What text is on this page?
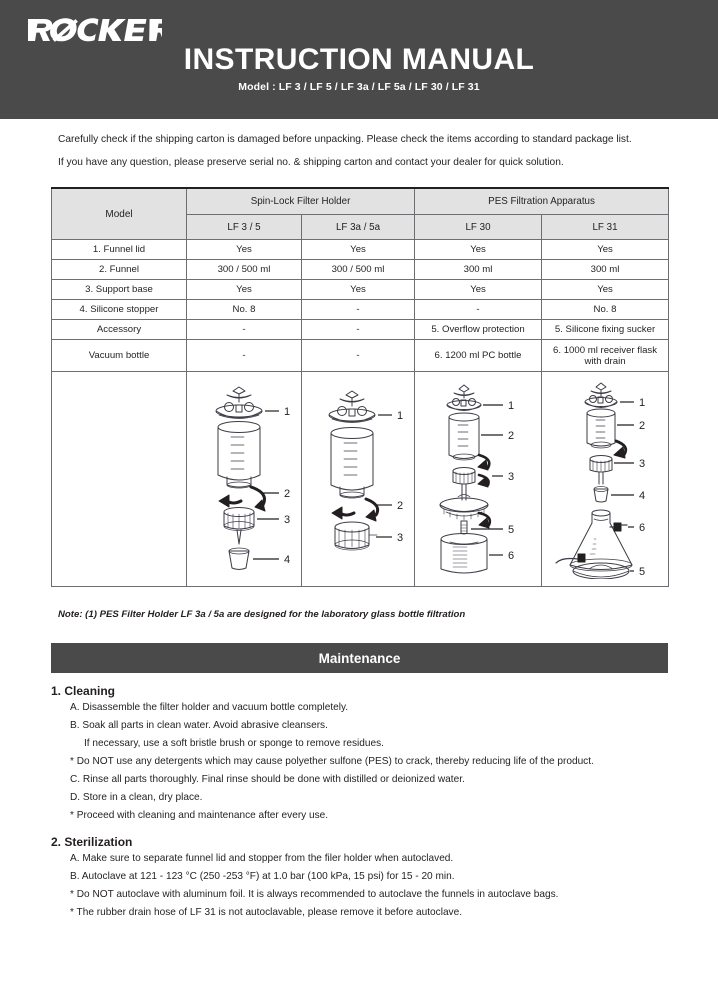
INSTRUCTION MANUAL
Model : LF 3 / LF 5 / LF 3a / LF 5a / LF 30 / LF 31

Carefully check if the shipping carton is damaged before unpacking. Please check the items according to standard package list.

If you have any question, please preserve serial no. & shipping carton and contact your dealer for quick solution.

Model	Spin-Lock Filter Holder		PES Filtration Apparatus	
	LF 3 / 5	LF 3a / 5a	LF 30	LF 31
1. Funnel lid	Yes	Yes	Yes	Yes
2. Funnel	300 / 500 ml	300 / 500 ml	300 ml	300 ml
3. Support base	Yes	Yes	Yes	Yes
4. Silicone stopper	No. 8	-	-	No. 8
Accessory	-	-	5. Overflow protection	5. Silicone fixing sucker
Vacuum bottle	-	-	6. 1200 ml PC bottle	6. 1000 ml receiver flask with drain

1
2
3
4

1
2
3

1
2
3
5
6

1
2
3
4
6
5
Note: (1) PES Filter Holder LF 3a / 5a are designed for the laboratory glass bottle filtration
Maintenance
1. Cleaning

A. Disassemble the filter holder and vacuum bottle completely.

B. Soak all parts in clean water. Avoid abrasive cleansers.

If necessary, use a soft bristle brush or sponge to remove residues.

* Do NOT use any detergents which may cause polyether sulfone (PES) to crack, thereby reducing life of the product.

C. Rinse all parts thoroughly. Final rinse should be done with distilled or deionized water.

D. Store in a clean, dry place.

* Proceed with cleaning and maintenance after every use.

2. Sterilization

A. Make sure to separate funnel lid and stopper from the filer holder when autoclaved.

B. Autoclave at 121 - 123 °C (250 -253 °F) at 1.0 bar (100 kPa, 15 psi) for 15 - 20 min.

* Do NOT autoclave with aluminum foil. It is always recommended to autoclave the funnels in autoclave bags.

* The rubber drain hose of LF 31 is not autoclavable, please remove it before autoclave.
